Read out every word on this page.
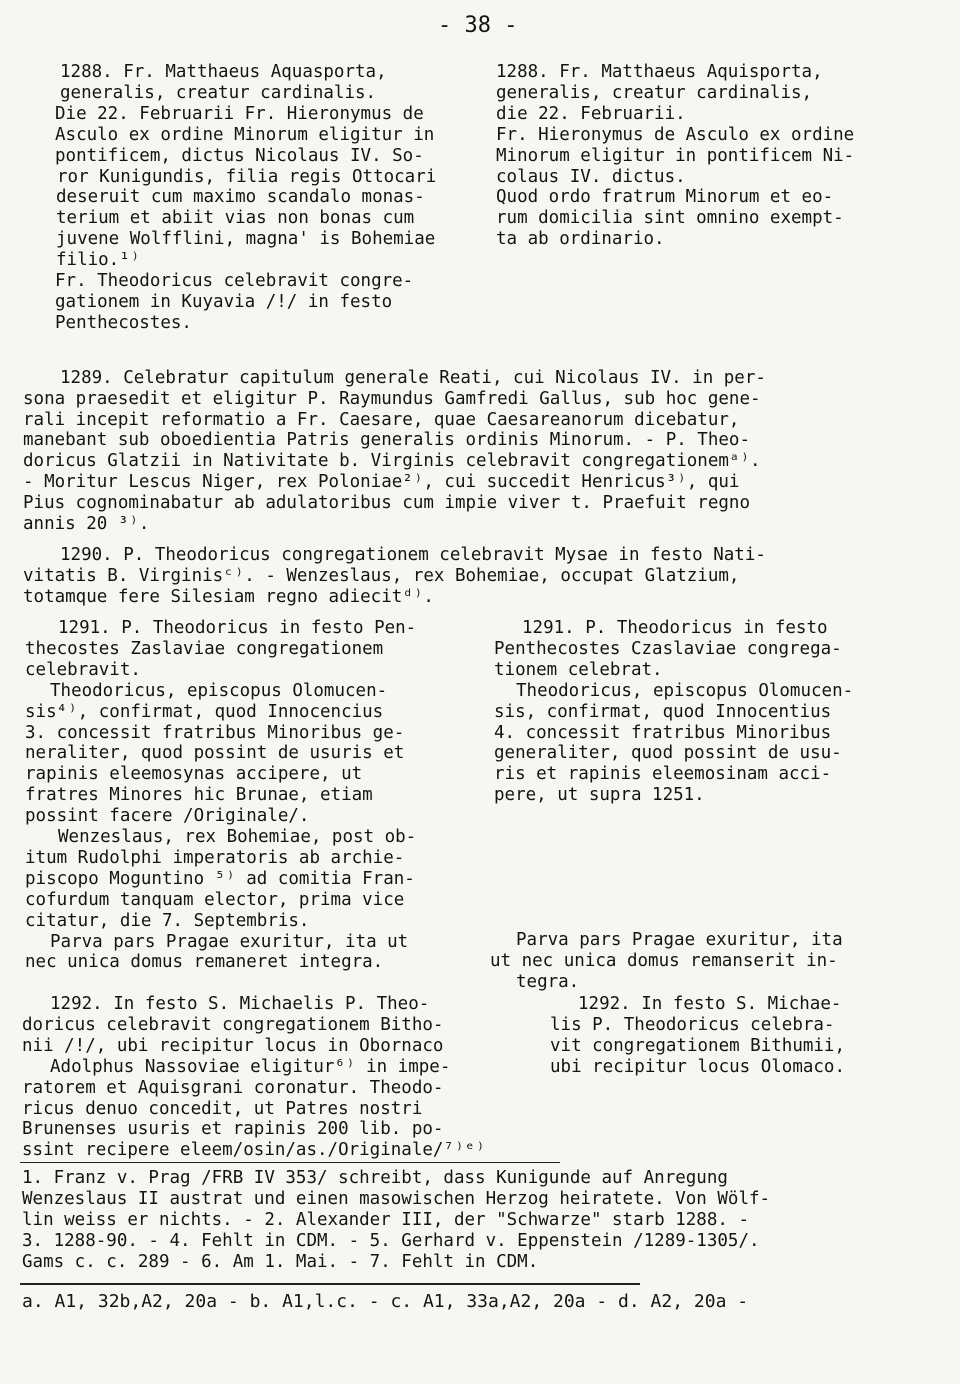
- 38 -
1288. Fr. Matthaeus Aquasporta,
generalis, creatur cardinalis.
Die 22. Februarii Fr. Hieronymus de
Asculo ex ordine Minorum eligitur in
pontificem, dictus Nicolaus IV. So-
ror Kunigundis, filia regis Ottocari
deseruit cum maximo scandalo monas-
terium et abiit vias non bonas cum
juvene Wolfflini, magna' is Bohemiae
filio.¹⁾
Fr. Theodoricus celebravit congre-
gationem in Kuyavia /!/ in festo
Penthecostes.
1288. Fr. Matthaeus Aquisporta,
generalis, creatur cardinalis,
die 22. Februarii.
Fr. Hieronymus de Asculo ex ordine
Minorum eligitur in pontificem Ni-
colaus IV. dictus.
Quod ordo fratrum Minorum et eo-
rum domicilia sint omnino exempt-
ta ab ordinario.
1289. Celebratur capitulum generale Reati, cui Nicolaus IV. in per-
sona praesedit et eligitur P. Raymundus Gamfredi Gallus, sub hoc gene-
rali incepit reformatio a Fr. Caesare, quae Caesareanorum dicebatur,
manebant sub oboedientia Patris generalis ordinis Minorum. - P. Theo-
doricus Glatzii in Nativitate b. Virginis celebravit congregationemᵃ⁾.
- Moritur Lescus Niger, rex Poloniae²⁾, cui succedit Henricus³⁾, qui
Pius cognominabatur ab adulatoribus cum impie viver t. Praefuit regno
annis 20 ³⁾.
1290. P. Theodoricus congregationem celebravit Mysae in festo Nati-
vitatis B. Virginisᶜ⁾. - Wenzeslaus, rex Bohemiae, occupat Glatzium,
totamque fere Silesiam regno adiecitᵈ⁾.
1291. P. Theodoricus in festo Pen-
thecostes Zaslaviae congregationem
celebravit.
Theodoricus, episcopus Olomucen-
sis⁴⁾, confirmat, quod Innocencius
3. concessit fratribus Minoribus ge-
neraliter, quod possint de usuris et
rapinis eleemosynas accipere, ut
fratres Minores hic Brunae, etiam
possint facere /Originale/.
Wenzeslaus, rex Bohemiae, post ob-
itum Rudolphi imperatoris ab archie-
piscopo Moguntino ⁵⁾ ad comitia Fran-
cofurdum tanquam elector, prima vice
citatur, die 7. Septembris.
Parva pars Pragae exuritur, ita ut
nec unica domus remaneret integra.
1291. P. Theodoricus in festo
Penthecostes Czaslaviae congrega-
tionem celebrat.
Theodoricus, episcopus Olomucen-
sis, confirmat, quod Innocentius
4. concessit fratribus Minoribus
generaliter, quod possint de usu-
ris et rapinis eleemosinam acci-
pere, ut supra 1251.
Parva pars Pragae exuritur, ita
ut nec unica domus remanserit in-
tegra.
1292. In festo S. Michaelis P. Theo-
doricus celebravit congregationem Bitho-
nii /!/, ubi recipitur locus in Obornaco
Adolphus Nassoviae eligitur⁶⁾ in impe-
ratorem et Aquisgrani coronatur. Theodo-
ricus denuo concedit, ut Patres nostri
Brunenses usuris et rapinis 200 lib. po-
ssint recipere eleem/osin/as./Originale/⁷⁾ᵉ⁾
1292. In festo S. Michae-
lis P. Theodoricus celebra-
vit congregationem Bithumii,
ubi recipitur locus Olomaco.
1. Franz v. Prag /FRB IV 353/ schreibt, dass Kunigunde auf Anregung
Wenzeslaus II austrat und einen masowischen Herzog heiratete. Von Wölf-
lin weiss er nichts. - 2. Alexander III, der "Schwarze" starb 1288. -
3. 1288-90. - 4. Fehlt in CDM. - 5. Gerhard v. Eppenstein /1289-1305/.
Gams c. c. 289 - 6. Am 1. Mai. - 7. Fehlt in CDM.
a. A1, 32b,A2, 20a - b. A1,l.c. - c. A1, 33a,A2, 20a - d. A2, 20a -
